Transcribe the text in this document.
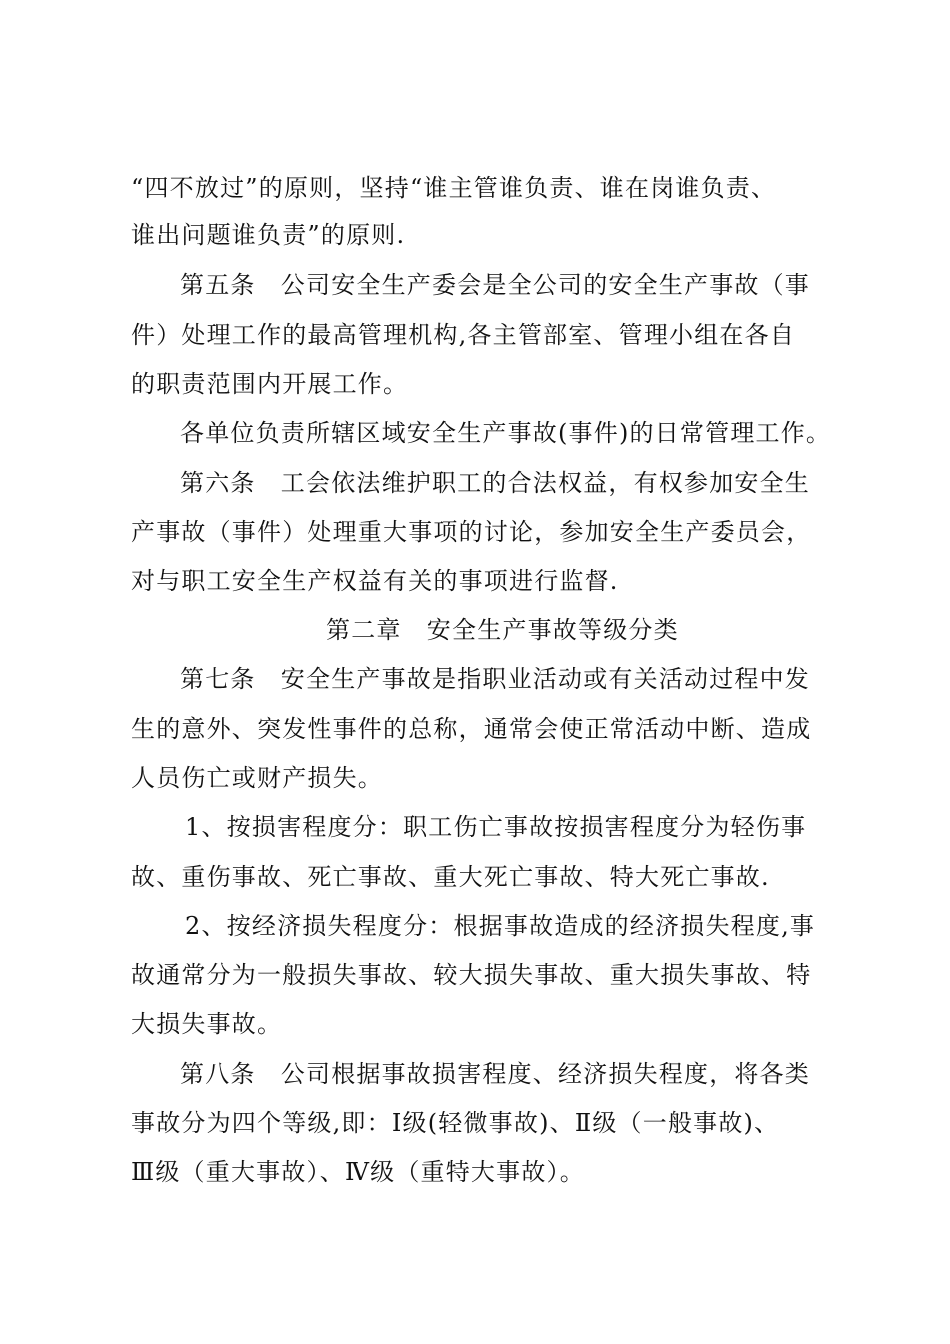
“四不放过”的原则，坚持“谁主管谁负责、谁在岗谁负责、
谁出问题谁负责”的原则.
第五条　公司安全生产委会是全公司的安全生产事故（事
件）处理工作的最高管理机构,各主管部室、管理小组在各自
的职责范围内开展工作。
各单位负责所辖区域安全生产事故(事件)的日常管理工作。
第六条　工会依法维护职工的合法权益，有权参加安全生
产事故（事件）处理重大事项的讨论，参加安全生产委员会，
对与职工安全生产权益有关的事项进行监督.
第二章　安全生产事故等级分类
第七条　安全生产事故是指职业活动或有关活动过程中发
生的意外、突发性事件的总称，通常会使正常活动中断、造成
人员伤亡或财产损失。
1、按损害程度分：职工伤亡事故按损害程度分为轻伤事
故、重伤事故、死亡事故、重大死亡事故、特大死亡事故.
2、按经济损失程度分：根据事故造成的经济损失程度,事
故通常分为一般损失事故、较大损失事故、重大损失事故、特
大损失事故。
第八条　公司根据事故损害程度、经济损失程度，将各类
事故分为四个等级,即：Ⅰ级(轻微事故)、Ⅱ级（一般事故)、
Ⅲ级（重大事故）、Ⅳ级（重特大事故）。
